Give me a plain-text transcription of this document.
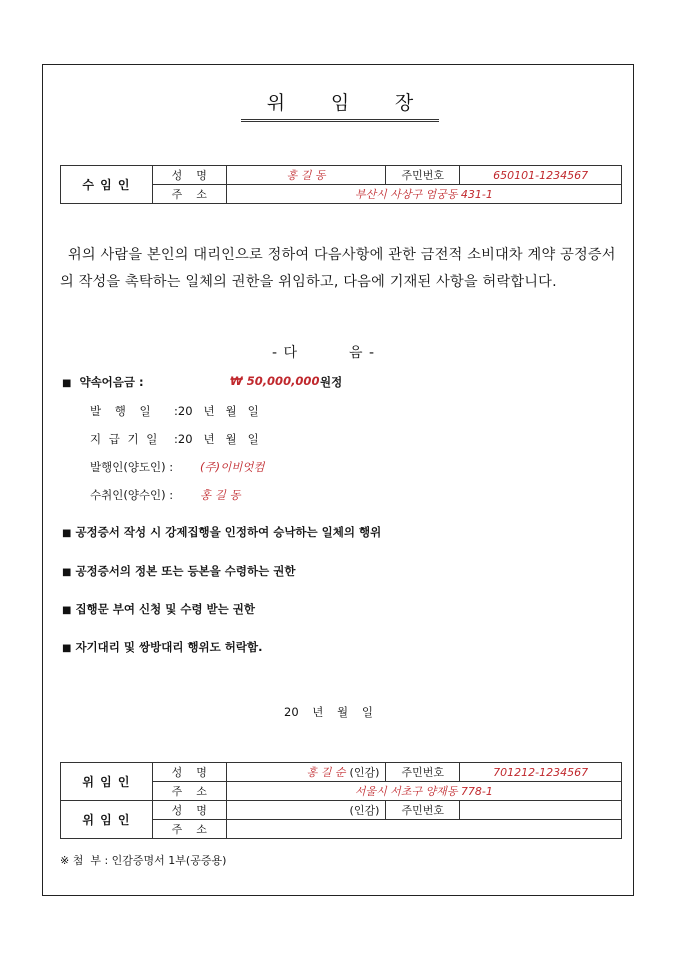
위 임 장
수 임 인	성    명	홍 길 동	주민번호	650101-1234567
	주    소	부산시 사상구 엄궁동 431-1		
위의 사람을 본인의 대리인으로 정하여 다음사항에 관한 금전적 소비대차 계약 공정증서의 작성을 촉탁하는 일체의 권한을 위임하고, 다음에 기재된 사항을 허락합니다.
- 다	음 -
■ 약속어음금 :	₩ 50,000,000 원정
발 행 일 :20   년   월   일
지 급 기 일 :20   년   월   일
발행인(양도인) : (주)이비엇컴
수취인(양수인) : 홍 길 동
■ 공정증서 작성 시 강제집행을 인정하여 승낙하는 일체의 행위
■ 공정증서의 정본 또는 등본을 수령하는 권한
■ 집행문 부여 신청 및 수령 받는 권한
■ 자기대리 및 쌍방대리 행위도 허락함.
20 년 월 일
위 임 인	성    명	홍 길 순 (인감)	주민번호	701212-1234567
	주    소	서울시 서초구 양재동 778-1		
위 임 인	성    명	(인감)	주민번호	
	주    소			
※ 첨  부 : 인감증명서 1부(공증용)
